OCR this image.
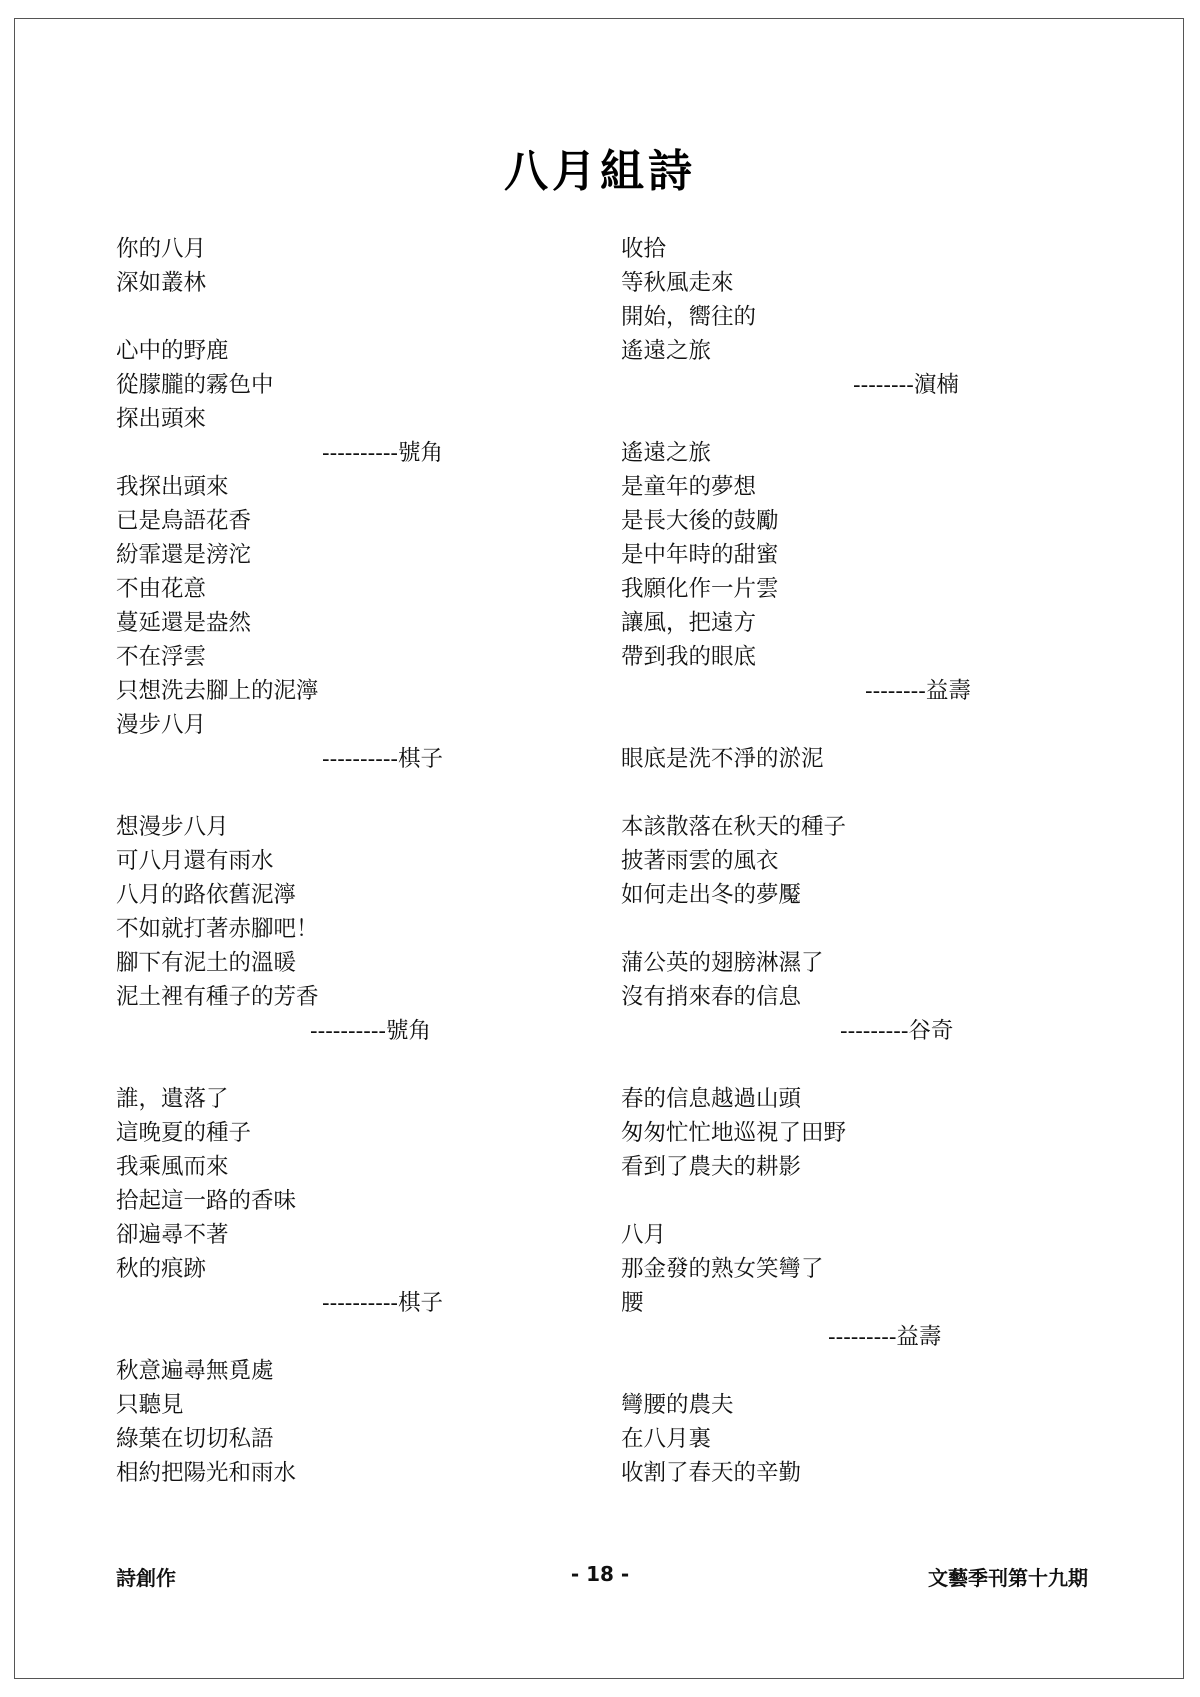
八月組詩
你的八月
深如叢林
心中的野鹿
從朦朧的霧色中
探出頭來
----------號角
我探出頭來
已是鳥語花香
紛霏還是滂沱
不由花意
蔓延還是盎然
不在浮雲
只想洗去腳上的泥濘
漫步八月
----------棋子
想漫步八月
可八月還有雨水
八月的路依舊泥濘
不如就打著赤腳吧！
腳下有泥土的溫暖
泥土裡有種子的芳香
----------號角
誰，遺落了
這晚夏的種子
我乘風而來
拾起這一路的香味
卻遍尋不著
秋的痕跡
----------棋子
秋意遍尋無覓處
只聽見
綠葉在切切私語
相約把陽光和雨水
收拾
等秋風走來
開始，嚮往的
遙遠之旅
--------濵楠
遙遠之旅
是童年的夢想
是長大後的鼓勵
是中年時的甜蜜
我願化作一片雲
讓風，把遠方
帶到我的眼底
--------益壽
眼底是洗不淨的淤泥
本該散落在秋天的種子
披著雨雲的風衣
如何走出冬的夢魘
蒲公英的翅膀淋濕了
沒有捎來春的信息
---------谷奇
春的信息越過山頭
匆匆忙忙地巡視了田野
看到了農夫的耕影
八月
那金發的熟女笑彎了
腰
---------益壽
彎腰的農夫
在八月裏
收割了春天的辛勤
詩創作	- 18 -	文藝季刊第十九期
